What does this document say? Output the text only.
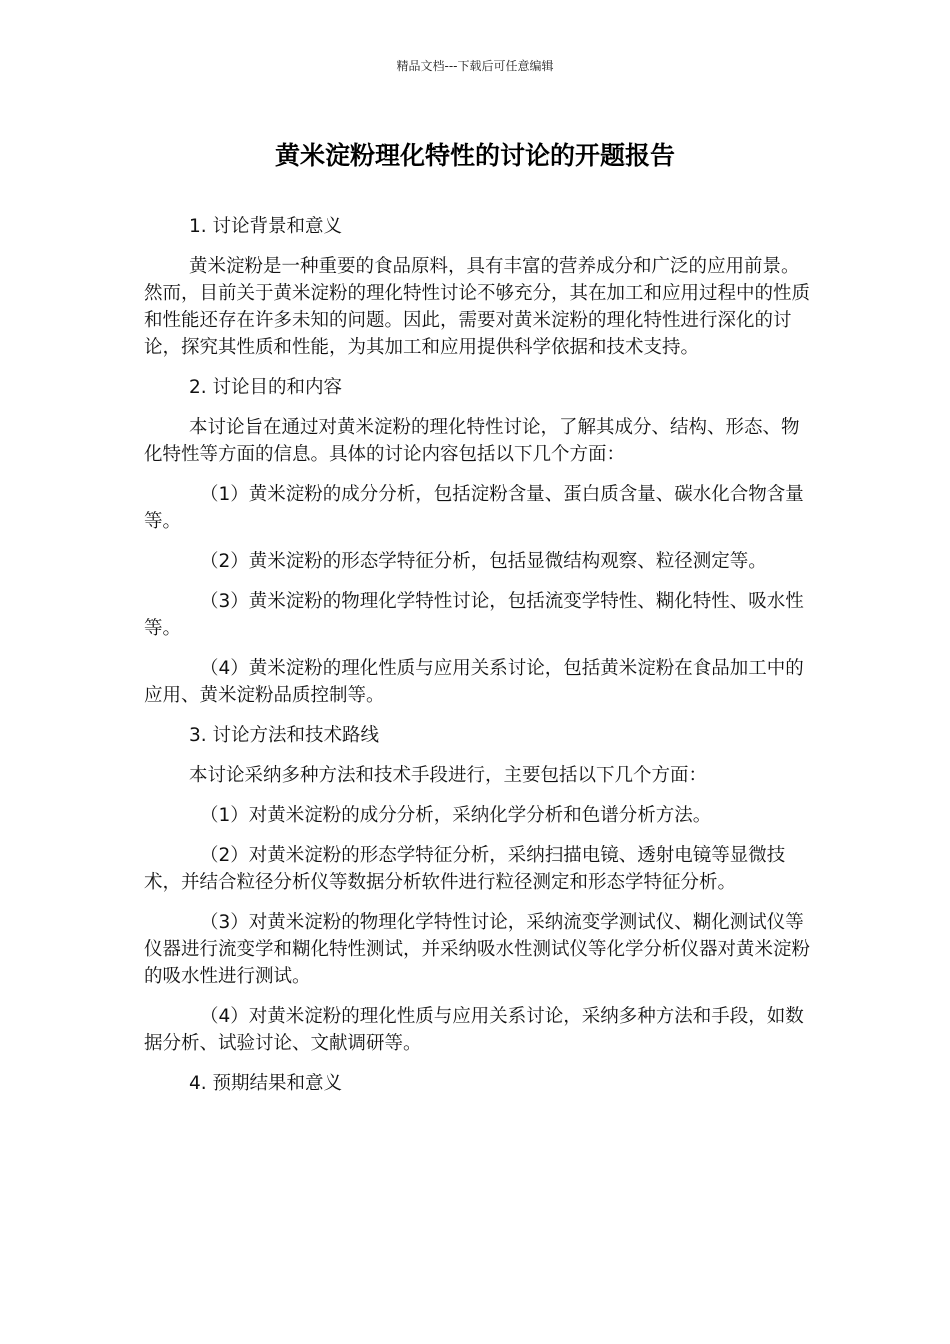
精品文档---下载后可任意编辑
黄米淀粉理化特性的讨论的开题报告

1. 讨论背景和意义

黄米淀粉是一种重要的食品原料，具有丰富的营养成分和广泛的应用前景。然而，目前关于黄米淀粉的理化特性讨论不够充分，其在加工和应用过程中的性质和性能还存在许多未知的问题。因此，需要对黄米淀粉的理化特性进行深化的讨论，探究其性质和性能，为其加工和应用提供科学依据和技术支持。

2. 讨论目的和内容

本讨论旨在通过对黄米淀粉的理化特性讨论，了解其成分、结构、形态、物化特性等方面的信息。具体的讨论内容包括以下几个方面：

（1）黄米淀粉的成分分析，包括淀粉含量、蛋白质含量、碳水化合物含量等。

（2）黄米淀粉的形态学特征分析，包括显微结构观察、粒径测定等。

（3）黄米淀粉的物理化学特性讨论，包括流变学特性、糊化特性、吸水性等。

（4）黄米淀粉的理化性质与应用关系讨论，包括黄米淀粉在食品加工中的应用、黄米淀粉品质控制等。

3. 讨论方法和技术路线

本讨论采纳多种方法和技术手段进行，主要包括以下几个方面：

（1）对黄米淀粉的成分分析，采纳化学分析和色谱分析方法。

（2）对黄米淀粉的形态学特征分析，采纳扫描电镜、透射电镜等显微技术，并结合粒径分析仪等数据分析软件进行粒径测定和形态学特征分析。

（3）对黄米淀粉的物理化学特性讨论，采纳流变学测试仪、糊化测试仪等仪器进行流变学和糊化特性测试，并采纳吸水性测试仪等化学分析仪器对黄米淀粉的吸水性进行测试。

（4）对黄米淀粉的理化性质与应用关系讨论，采纳多种方法和手段，如数据分析、试验讨论、文献调研等。

4. 预期结果和意义
